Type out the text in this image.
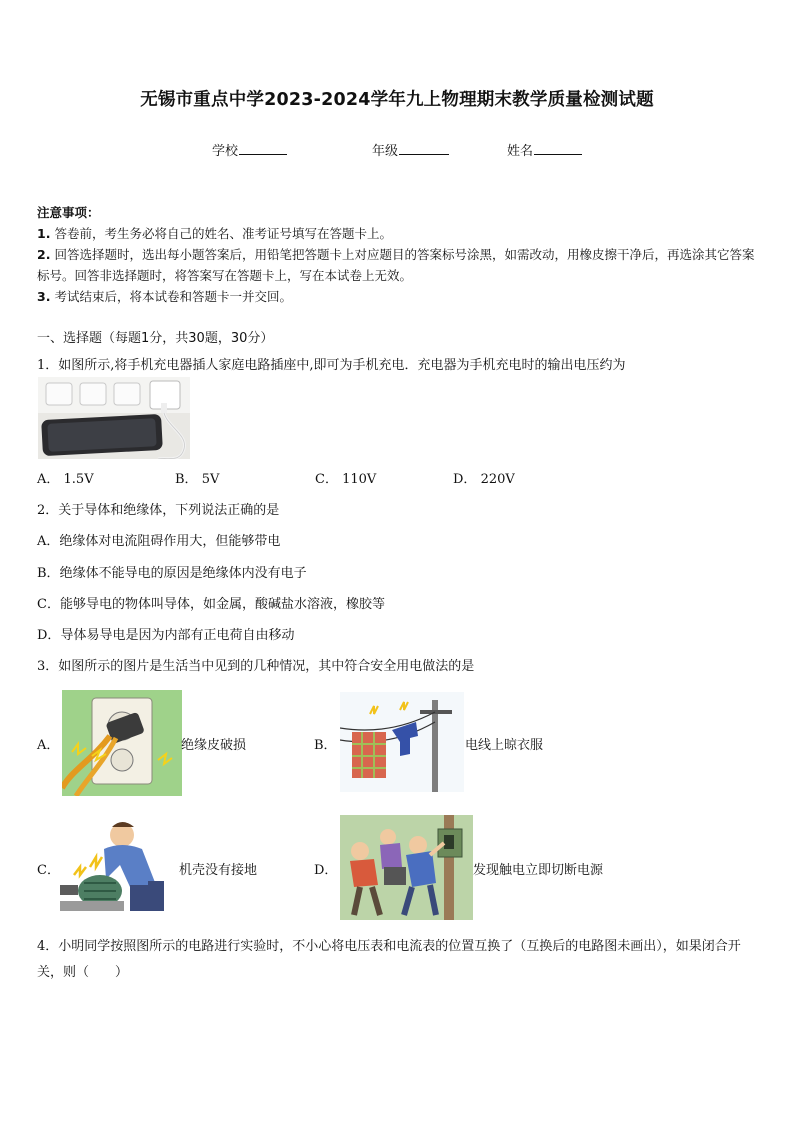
无锡市重点中学2023-2024学年九上物理期末教学质量检测试题
学校	年级	姓名
注意事项：
1. 答卷前，考生务必将自己的姓名、准考证号填写在答题卡上。
2. 回答选择题时，选出每小题答案后，用铅笔把答题卡上对应题目的答案标号涂黑，如需改动，用橡皮擦干净后，再选涂其它答案标号。回答非选择题时，将答案写在答题卡上，写在本试卷上无效。
3. 考试结束后，将本试卷和答题卡一并交回。
一、选择题（每题1分，共30题，30分）
1．如图所示,将手机充电器插人家庭电路插座中,即可为手机充电．充电器为手机充电时的输出电压约为
A． 1.5V	B． 5V	C． 110V	D． 220V
2．关于导体和绝缘体，下列说法正确的是
A．绝缘体对电流阻碍作用大，但能够带电
B．绝缘体不能导电的原因是绝缘体内没有电子
C．能够导电的物体叫导体，如金属，酸碱盐水溶液，橡胶等
D．导体易导电是因为内部有正电荷自由移动
3．如图所示的图片是生活当中见到的几种情况，其中符合安全用电做法的是
A．	绝缘皮破损	B．	电线上晾衣服
C．	机壳没有接地	D．	发现触电立即切断电源
4．小明同学按照图所示的电路进行实验时，不小心将电压表和电流表的位置互换了（互换后的电路图未画出），如果闭合开关，则（　　）
